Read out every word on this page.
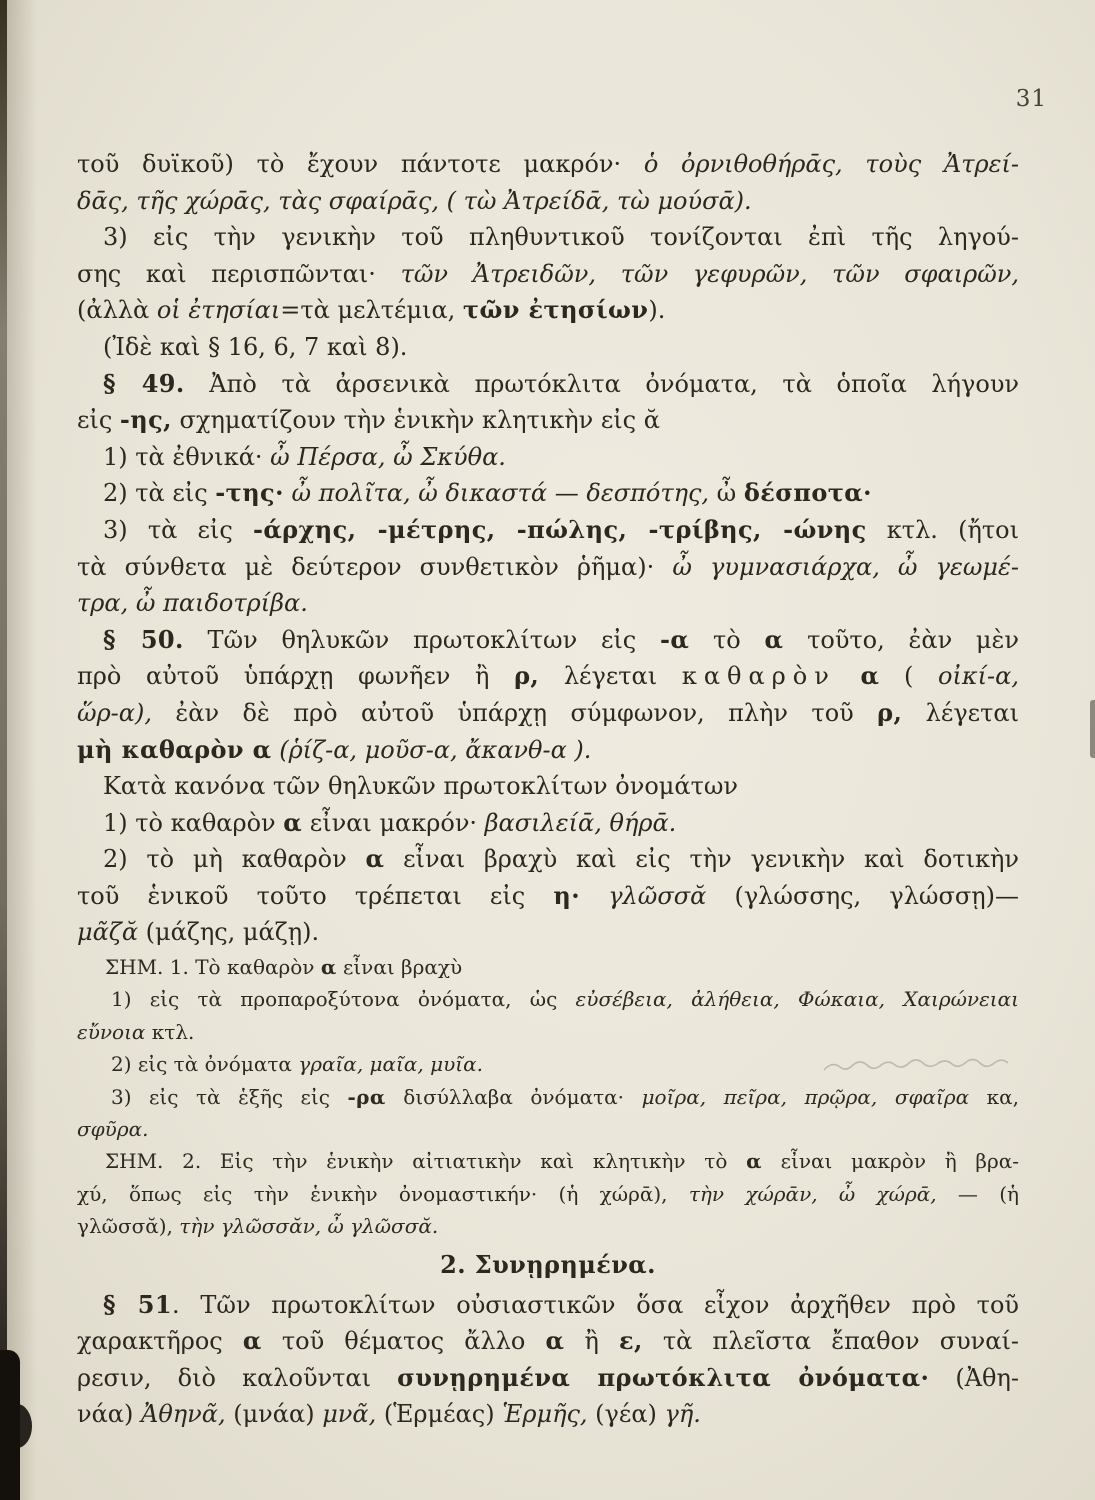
31
τοῦ δυϊκοῦ) τὸ ἔχουν πάντοτε μακρόν· ὁ ὀρνιθοθήρᾱς, τοὺς Ἀτρεί-
δᾱς, τῆς χώρᾱς, τὰς σφαίρᾱς, ( τὼ Ἀτρείδᾱ, τὼ μούσᾱ).
3) εἰς τὴν γενικὴν τοῦ πληθυντικοῦ τονίζονται ἐπὶ τῆς ληγού-
σης καὶ περισπῶνται· τῶν Ἀτρειδῶν, τῶν γεφυρῶν, τῶν σφαιρῶν,
(ἀλλὰ οἱ ἐτησίαι=τὰ μελτέμια, τῶν ἐτησίων).
(Ἰδὲ καὶ § 16, 6, 7 καὶ 8).
§ 49. Ἀπὸ τὰ ἀρσενικὰ πρωτόκλιτα ὀνόματα, τὰ ὁποῖα λήγουν
εἰς -ης, σχηματίζουν τὴν ἑνικὴν κλητικὴν εἰς ᾰ
1) τὰ ἐθνικά· ὦ Πέρσα, ὦ Σκύθα.
2) τὰ εἰς -της· ὦ πολῖτα, ὦ δικαστά — δεσπότης, ὦ δέσποτα·
3) τὰ εἰς -άρχης, -μέτρης, -πώλης, -τρίβης, -ώνης κτλ. (ἤτοι
τὰ σύνθετα μὲ δεύτερον συνθετικὸν ῥῆμα)· ὦ γυμνασιάρχα, ὦ γεωμέ-
τρα, ὦ παιδοτρίβα.
§ 50. Τῶν θηλυκῶν πρωτοκλίτων εἰς -α τὸ α τοῦτο, ἐὰν μὲν
πρὸ αὐτοῦ ὑπάρχῃ φωνῆεν ἢ ρ, λέγεται καθαρὸν α ( οἰκί-α,
ὥρ-α), ἐὰν δὲ πρὸ αὐτοῦ ὑπάρχῃ σύμφωνον, πλὴν τοῦ ρ, λέγεται
μὴ καθαρὸν α (ῥίζ-α, μοῦσ-α, ἄκανθ-α ).
Κατὰ κανόνα τῶν θηλυκῶν πρωτοκλίτων ὀνομάτων
1) τὸ καθαρὸν α εἶναι μακρόν· βασιλείᾱ, θήρᾱ.
2) τὸ μὴ καθαρὸν α εἶναι βραχὺ καὶ εἰς τὴν γενικὴν καὶ δοτικὴν
τοῦ ἑνικοῦ τοῦτο τρέπεται εἰς η· γλῶσσᾰ (γλώσσης, γλώσσῃ)—
μᾶζᾰ (μάζης, μάζῃ).
ΣΗΜ. 1. Τὸ καθαρὸν α εἶναι βραχὺ
1) εἰς τὰ προπαροξύτονα ὀνόματα, ὡς εὐσέβεια, ἀλήθεια, Φώκαια, Χαιρώνειαι
εὔνοια κτλ.
2) εἰς τὰ ὀνόματα γραῖα, μαῖα, μυῖα.
3) εἰς τὰ ἑξῆς εἰς -ρα δισύλλαβα ὀνόματα· μοῖρα, πεῖρα, πρῷρα, σφαῖρα κα,
σφῦρα.
ΣΗΜ. 2. Εἰς τὴν ἑνικὴν αἰτιατικὴν καὶ κλητικὴν τὸ α εἶναι μακρὸν ἢ βρα-
χύ, ὅπως εἰς τὴν ἑνικὴν ὀνομαστικήν· (ἡ χώρᾱ), τὴν χώρᾱν, ὦ χώρᾱ, — (ἡ
γλῶσσᾰ), τὴν γλῶσσᾰν, ὦ γλῶσσᾰ.
2. Συνῃρημένα.
§ 51. Τῶν πρωτοκλίτων οὐσιαστικῶν ὅσα εἶχον ἀρχῆθεν πρὸ τοῦ
χαρακτῆρος α τοῦ θέματος ἄλλο α ἢ ε, τὰ πλεῖστα ἔπαθον συναί-
ρεσιν, διὸ καλοῦνται συνῃρημένα πρωτόκλιτα ὀνόματα· (Ἀθη-
νάα) Ἀθηνᾶ, (μνάα) μνᾶ, (Ἑρμέας) Ἑρμῆς, (γέα) γῆ.
